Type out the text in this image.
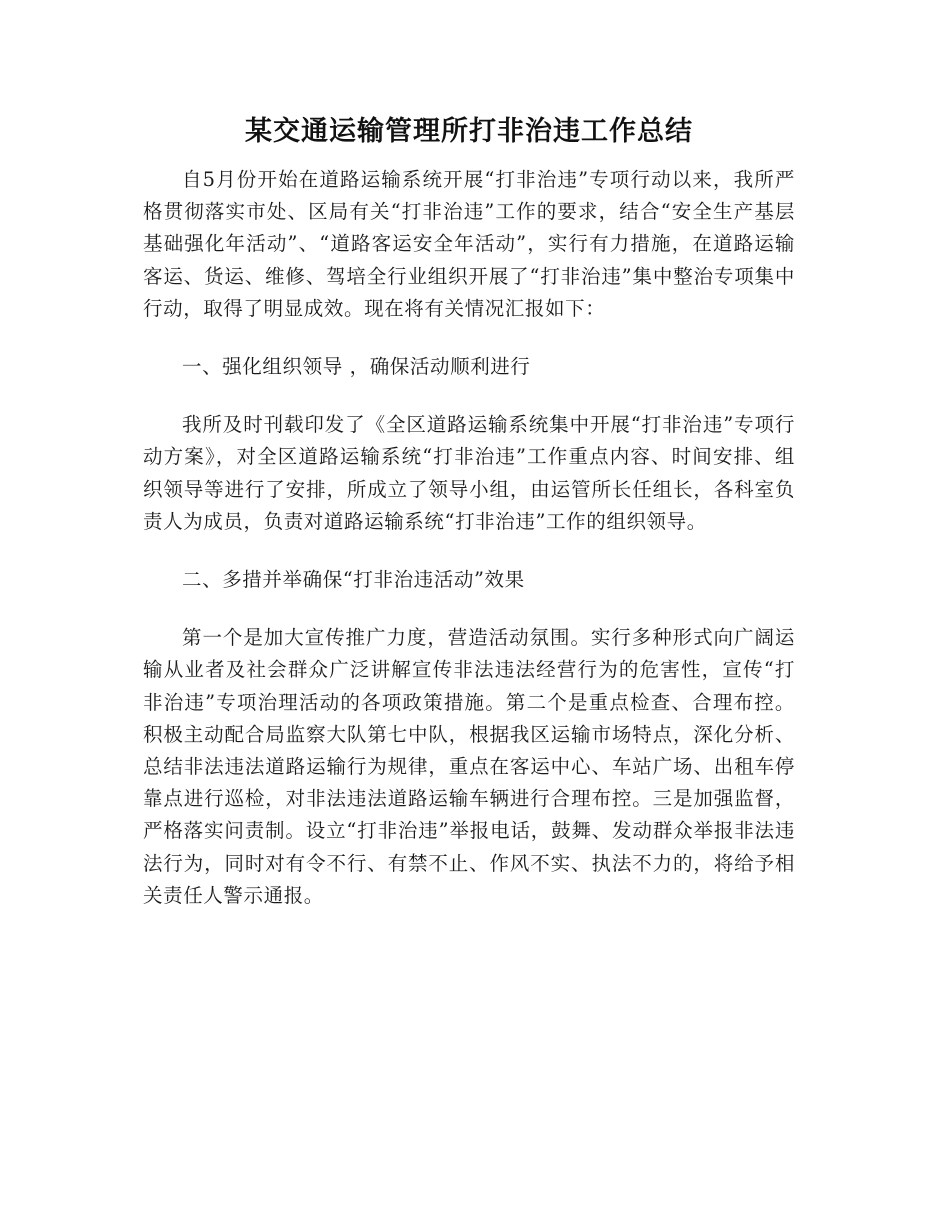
某交通运输管理所打非治违工作总结

自5月份开始在道路运输系统开展“打非治违”专项行动以来，我所严格贯彻落实市处、区局有关“打非治违”工作的要求，结合“安全生产基层基础强化年活动”、“道路客运安全年活动”，实行有力措施，在道路运输客运、货运、维修、驾培全行业组织开展了“打非治违”集中整治专项集中行动，取得了明显成效。现在将有关情况汇报如下：

一、强化组织领导 ，确保活动顺利进行

我所及时刊载印发了《全区道路运输系统集中开展“打非治违”专项行动方案》，对全区道路运输系统“打非治违”工作重点内容、时间安排、组织领导等进行了安排，所成立了领导小组，由运管所长任组长，各科室负责人为成员，负责对道路运输系统“打非治违”工作的组织领导。

二、多措并举确保“打非治违活动”效果

第一个是加大宣传推广力度，营造活动氛围。实行多种形式向广阔运输从业者及社会群众广泛讲解宣传非法违法经营行为的危害性，宣传“打非治违”专项治理活动的各项政策措施。第二个是重点检查、合理布控。积极主动配合局监察大队第七中队，根据我区运输市场特点，深化分析、总结非法违法道路运输行为规律，重点在客运中心、车站广场、出租车停靠点进行巡检，对非法违法道路运输车辆进行合理布控。三是加强监督，严格落实问责制。设立“打非治违”举报电话，鼓舞、发动群众举报非法违法行为，同时对有令不行、有禁不止、作风不实、执法不力的，将给予相关责任人警示通报。
